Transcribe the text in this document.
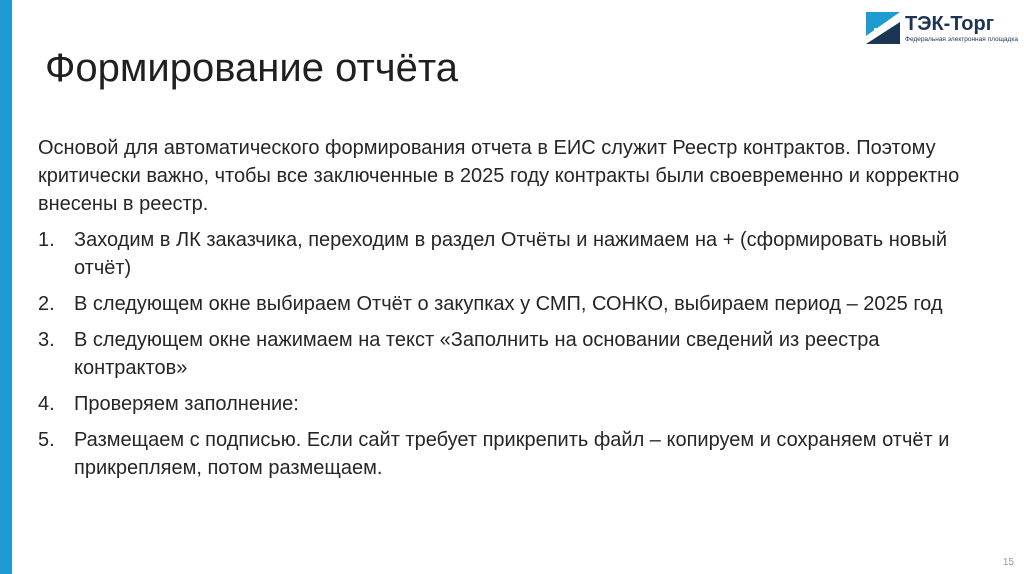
Формирование отчёта
ТЭК-Торг
Федеральная электронная площадка

Основой для автоматического формирования отчета в ЕИС служит Реестр контрактов. Поэтому критически важно, чтобы все заключенные в 2025 году контракты были своевременно и корректно внесены в реестр.

1. Заходим в ЛК заказчика, переходим в раздел Отчёты и нажимаем на + (сформировать новый отчёт)
2. В следующем окне выбираем Отчёт о закупках у СМП, СОНКО, выбираем период – 2025 год
3. В следующем окне нажимаем на текст «Заполнить на основании сведений из реестра контрактов»
4. Проверяем заполнение:
5. Размещаем с подписью. Если сайт требует прикрепить файл – копируем и сохраняем отчёт и прикрепляем, потом размещаем.
15
